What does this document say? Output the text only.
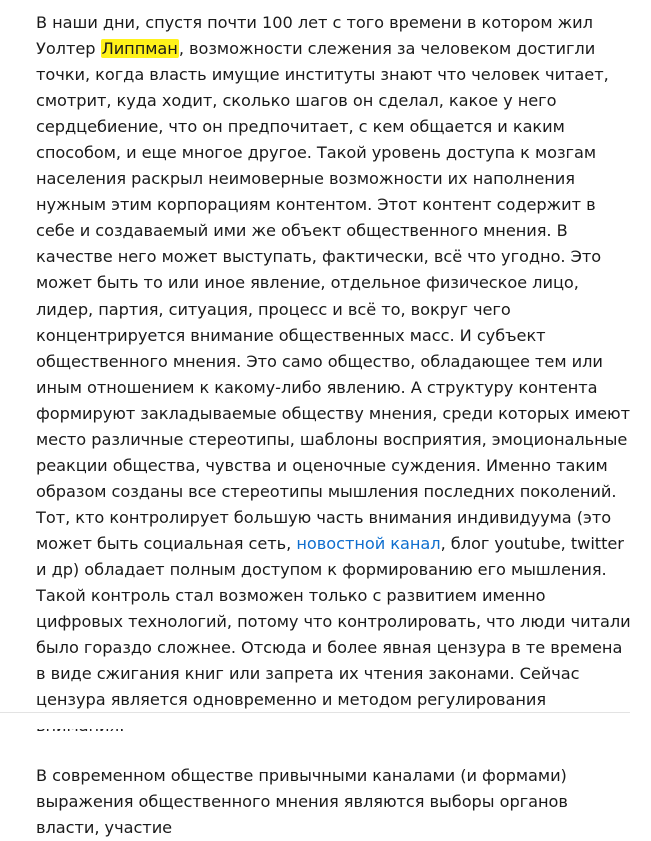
В наши дни, спустя почти 100 лет с того времени в котором жил Уолтер Липпман, возможности слежения за человеком достигли точки, когда власть имущие институты знают что человек читает, смотрит, куда ходит, сколько шагов он сделал, какое у него сердцебиение, что он предпочитает, с кем общается и каким способом, и еще многое другое. Такой уровень доступа к мозгам населения раскрыл неимоверные возможности их наполнения нужным этим корпорациям контентом. Этот контент содержит в себе и создаваемый ими же объект общественного мнения. В качестве него может выступать, фактически, всё что угодно. Это может быть то или иное явление, отдельное физическое лицо, лидер, партия, ситуация, процесс и всё то, вокруг чего концентрируется внимание общественных масс. И субъект общественного мнения. Это само общество, обладающее тем или иным отношением к какому-либо явлению. А структуру контента формируют закладываемые обществу мнения, среди которых имеют место различные стереотипы, шаблоны восприятия, эмоциональные реакции общества, чувства и оценочные суждения. Именно таким образом созданы все стереотипы мышления последних поколений. Тот, кто контролирует большую часть внимания индивидуума (это может быть социальная сеть, новостной канал, блог youtube, twitter и др) обладает полным доступом к формированию его мышления. Такой контроль стал возможен только с развитием именно цифровых технологий, потому что контролировать, что люди читали было гораздо сложнее. Отсюда и более явная цензура в те времена в виде сжигания книг или запрета их чтения законами. Сейчас цензура является одновременно и методом регулирования

В современном обществе привычными каналами (и формами) выражения общественного мнения являются выборы органов власти, участие
